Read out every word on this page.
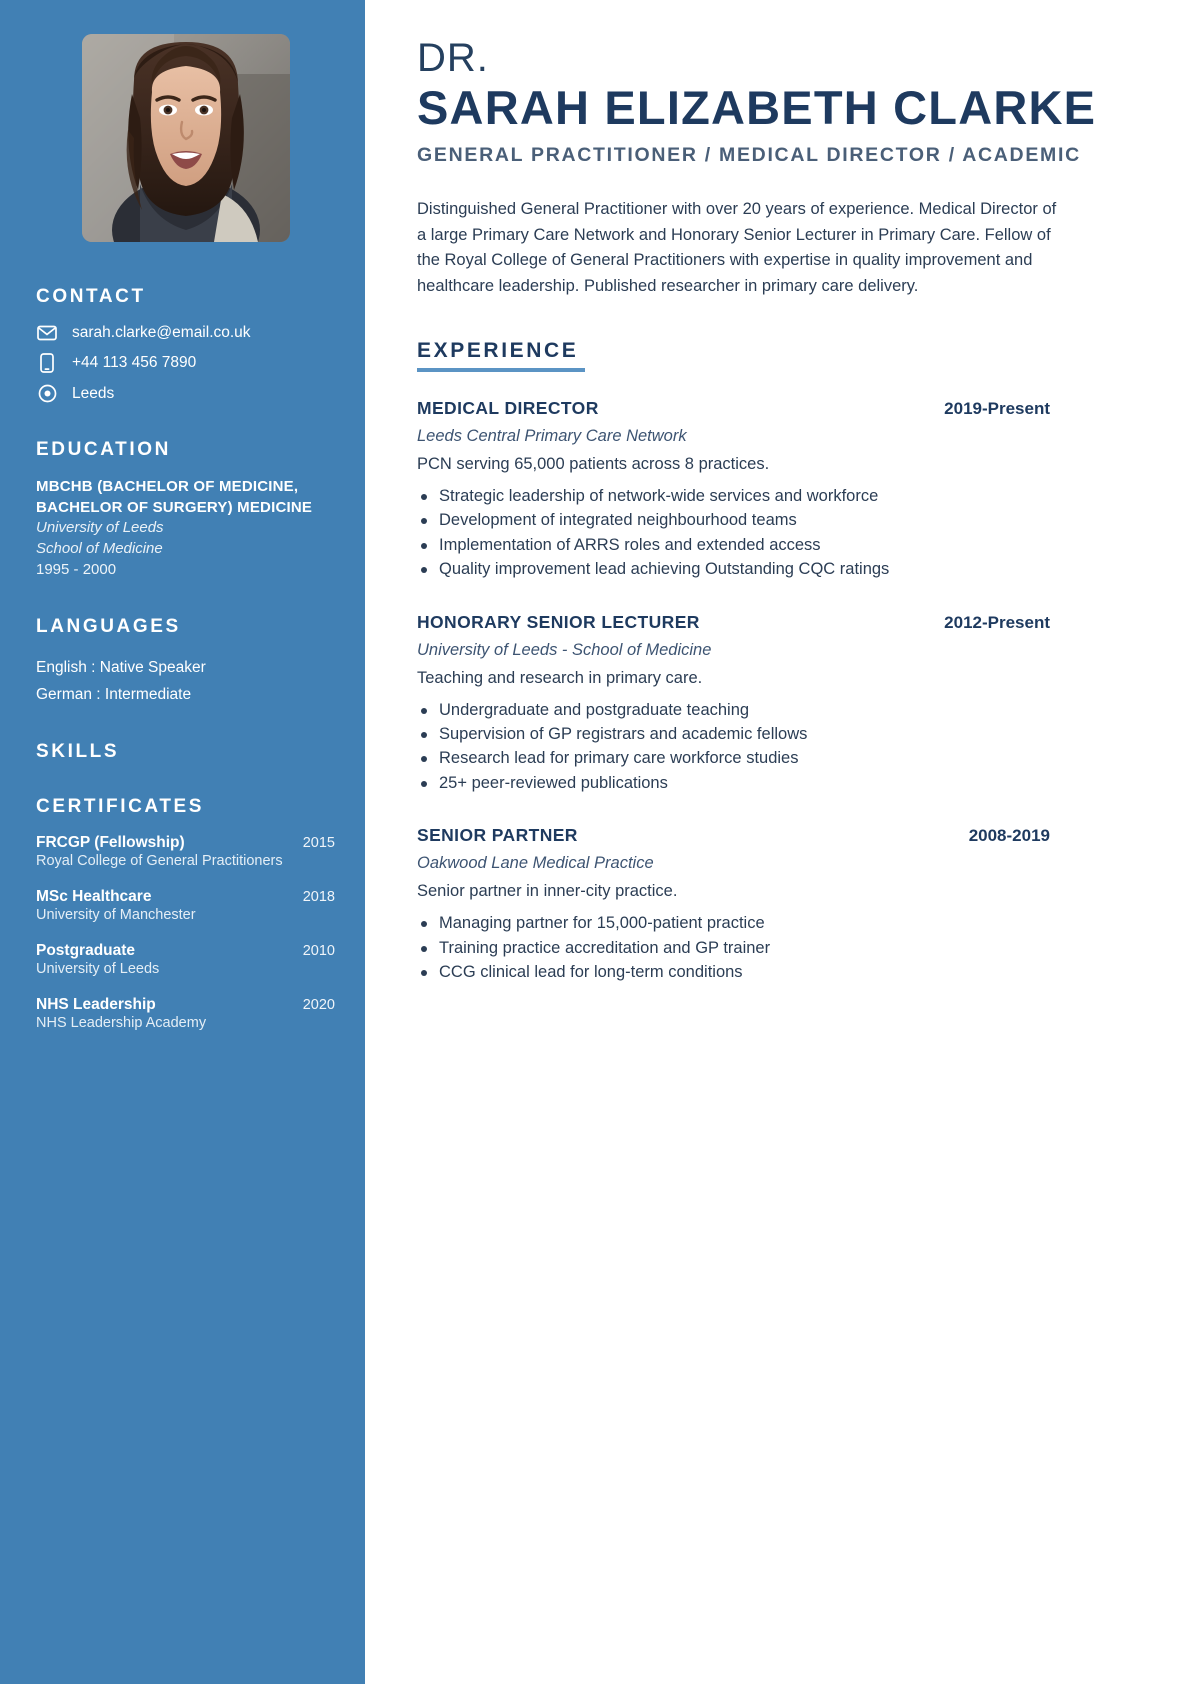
CONTACT
sarah.clarke@email.co.uk
+44 113 456 7890
Leeds
EDUCATION
MBCHB (BACHELOR OF MEDICINE, BACHELOR OF SURGERY) MEDICINE
University of Leeds
School of Medicine
1995 - 2000
LANGUAGES
English : Native Speaker
German : Intermediate
SKILLS
CERTIFICATES
FRCGP (Fellowship)	2015
Royal College of General Practitioners
MSc Healthcare	2018
University of Manchester
Postgraduate	2010
University of Leeds
NHS Leadership	2020
NHS Leadership Academy
DR.
SARAH ELIZABETH CLARKE
GENERAL PRACTITIONER / MEDICAL DIRECTOR / ACADEMIC

Distinguished General Practitioner with over 20 years of experience. Medical Director of a large Primary Care Network and Honorary Senior Lecturer in Primary Care. Fellow of the Royal College of General Practitioners with expertise in quality improvement and healthcare leadership. Published researcher in primary care delivery.

EXPERIENCE
MEDICAL DIRECTOR	2019-Present
Leeds Central Primary Care Network
PCN serving 65,000 patients across 8 practices.
Strategic leadership of network-wide services and workforce
Development of integrated neighbourhood teams
Implementation of ARRS roles and extended access
Quality improvement lead achieving Outstanding CQC ratings
HONORARY SENIOR LECTURER	2012-Present
University of Leeds - School of Medicine
Teaching and research in primary care.
Undergraduate and postgraduate teaching
Supervision of GP registrars and academic fellows
Research lead for primary care workforce studies
25+ peer-reviewed publications
SENIOR PARTNER	2008-2019
Oakwood Lane Medical Practice
Senior partner in inner-city practice.
Managing partner for 15,000-patient practice
Training practice accreditation and GP trainer
CCG clinical lead for long-term conditions
